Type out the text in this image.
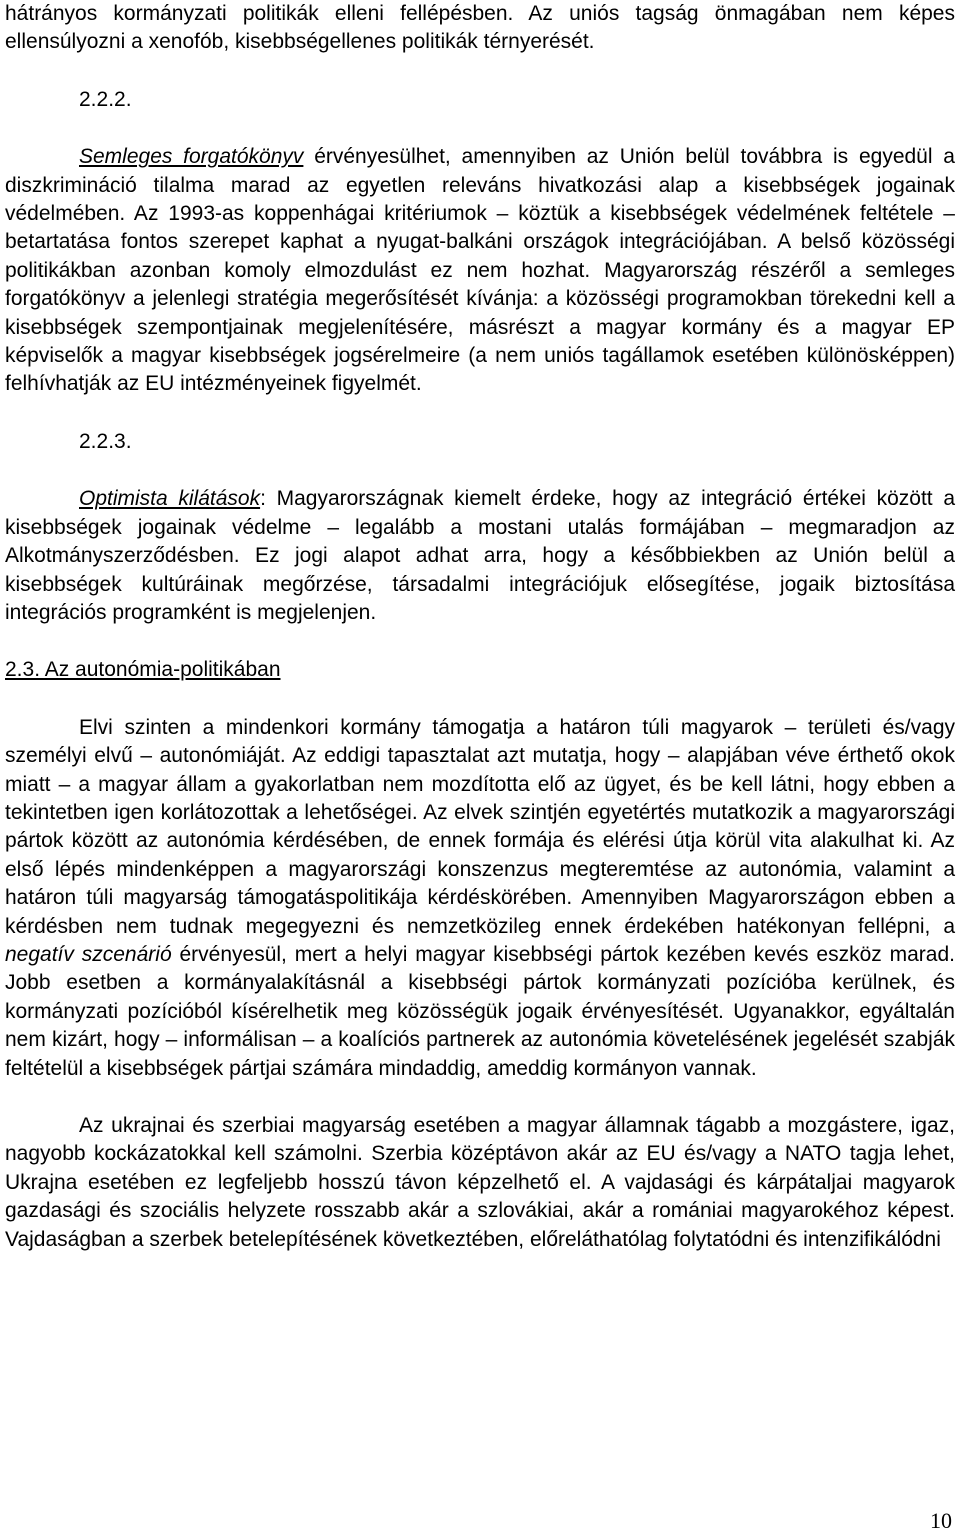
hátrányos kormányzati politikák elleni fellépésben. Az uniós tagság önmagában nem képes ellensúlyozni a xenofób, kisebbségellenes politikák térnyerését.

2.2.2.

Semleges forgatókönyv érvényesülhet, amennyiben az Unión belül továbbra is egyedül a diszkrimináció tilalma marad az egyetlen releváns hivatkozási alap a kisebbségek jogainak védelmében. Az 1993-as koppenhágai kritériumok – köztük a kisebbségek védelmének feltétele – betartatása fontos szerepet kaphat a nyugat-balkáni országok integrációjában. A belső közösségi politikákban azonban komoly elmozdulást ez nem hozhat. Magyarország részéről a semleges forgatókönyv a jelenlegi stratégia megerősítését kívánja: a közösségi programokban törekedni kell a kisebbségek szempontjainak megjelenítésére, másrészt a magyar kormány és a magyar EP képviselők a magyar kisebbségek jogsérelmeire (a nem uniós tagállamok esetében különösképpen) felhívhatják az EU intézményeinek figyelmét.

2.2.3.

Optimista kilátások: Magyarországnak kiemelt érdeke, hogy az integráció értékei között a kisebbségek jogainak védelme – legalább a mostani utalás formájában – megmaradjon az Alkotmányszerződésben. Ez jogi alapot adhat arra, hogy a későbbiekben az Unión belül a kisebbségek kultúráinak megőrzése, társadalmi integrációjuk elősegítése, jogaik biztosítása integrációs programként is megjelenjen.

2.3. Az autonómia-politikában

Elvi szinten a mindenkori kormány támogatja a határon túli magyarok – területi és/vagy személyi elvű – autonómiáját. Az eddigi tapasztalat azt mutatja, hogy – alapjában véve érthető okok miatt – a magyar állam a gyakorlatban nem mozdította elő az ügyet, és be kell látni, hogy ebben a tekintetben igen korlátozottak a lehetőségei. Az elvek szintjén egyetértés mutatkozik a magyarországi pártok között az autonómia kérdésében, de ennek formája és elérési útja körül vita alakulhat ki. Az első lépés mindenképpen a magyarországi konszenzus megteremtése az autonómia, valamint a határon túli magyarság támogatáspolitikája kérdéskörében. Amennyiben Magyarországon ebben a kérdésben nem tudnak megegyezni és nemzetközileg ennek érdekében hatékonyan fellépni, a negatív szcenárió érvényesül, mert a helyi magyar kisebbségi pártok kezében kevés eszköz marad. Jobb esetben a kormányalakításnál a kisebbségi pártok kormányzati pozícióba kerülnek, és kormányzati pozícióból kísérelhetik meg közösségük jogaik érvényesítését. Ugyanakkor, egyáltalán nem kizárt, hogy – informálisan – a koalíciós partnerek az autonómia követelésének jegelését szabják feltételül a kisebbségek pártjai számára mindaddig, ameddig kormányon vannak.

Az ukrajnai és szerbiai magyarság esetében a magyar államnak tágabb a mozgástere, igaz, nagyobb kockázatokkal kell számolni. Szerbia középtávon akár az EU és/vagy a NATO tagja lehet, Ukrajna esetében ez legfeljebb hosszú távon képzelhető el. A vajdasági és kárpátaljai magyarok gazdasági és szociális helyzete rosszabb akár a szlovákiai, akár a romániai magyarokéhoz képest. Vajdaságban a szerbek betelepítésének következtében, előreláthatólag folytatódni és intenzifikálódni

10
